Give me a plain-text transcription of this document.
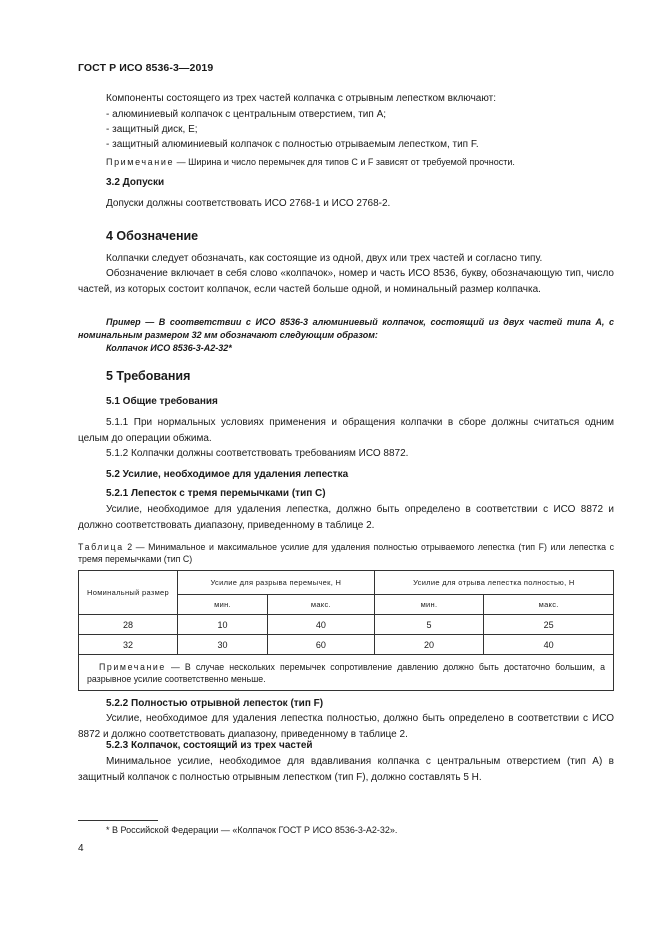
ГОСТ Р ИСО 8536-3—2019
Компоненты состоящего из трех частей колпачка с отрывным лепестком включают:
- алюминиевый колпачок с центральным отверстием, тип А;
- защитный диск, Е;
- защитный алюминиевый колпачок с полностью отрываемым лепестком, тип F.
Примечание — Ширина и число перемычек для типов С и F зависят от требуемой прочности.
3.2 Допуски
Допуски должны соответствовать ИСО 2768-1 и ИСО 2768-2.
4 Обозначение
Колпачки следует обозначать, как состоящие из одной, двух или трех частей и согласно типу.
Обозначение включает в себя слово «колпачок», номер и часть ИСО 8536, букву, обозначающую тип, число частей, из которых состоит колпачок, если частей больше одной, и номинальный размер колпачка.
Пример — В соответствии с ИСО 8536-3 алюминиевый колпачок, состоящий из двух частей типа А, с номинальным размером 32 мм обозначают следующим образом:
Колпачок ИСО 8536-3-А2-32*
5 Требования
5.1 Общие требования
5.1.1 При нормальных условиях применения и обращения колпачки в сборе должны считаться одним целым до операции обжима.
5.1.2 Колпачки должны соответствовать требованиям ИСО 8872.
5.2 Усилие, необходимое для удаления лепестка
5.2.1 Лепесток с тремя перемычками (тип С)
Усилие, необходимое для удаления лепестка, должно быть определено в соответствии с ИСО 8872 и должно соответствовать диапазону, приведенному в таблице 2.
Таблица 2 — Минимальное и максимальное усилие для удаления полностью отрываемого лепестка (тип F) или лепестка с тремя перемычками (тип С)
Номинальный размер	Усилие для разрыва перемычек, Н		Усилие для отрыва лепестка полностью, Н	
	мин.	макс.	мин.	макс.
28	10	40	5	25
32	30	60	20	40
Примечание — В случае нескольких перемычек сопротивление давлению должно быть достаточно большим, а разрывное усилие соответственно меньше.				
5.2.2 Полностью отрывной лепесток (тип F)
Усилие, необходимое для удаления лепестка полностью, должно быть определено в соответствии с ИСО 8872 и должно соответствовать диапазону, приведенному в таблице 2.
5.2.3 Колпачок, состоящий из трех частей
Минимальное усилие, необходимое для вдавливания колпачка с центральным отверстием (тип А) в защитный колпачок с полностью отрывным лепестком (тип F), должно составлять 5 Н.
* В Российской Федерации — «Колпачок ГОСТ Р ИСО 8536-3-А2-32».
4
